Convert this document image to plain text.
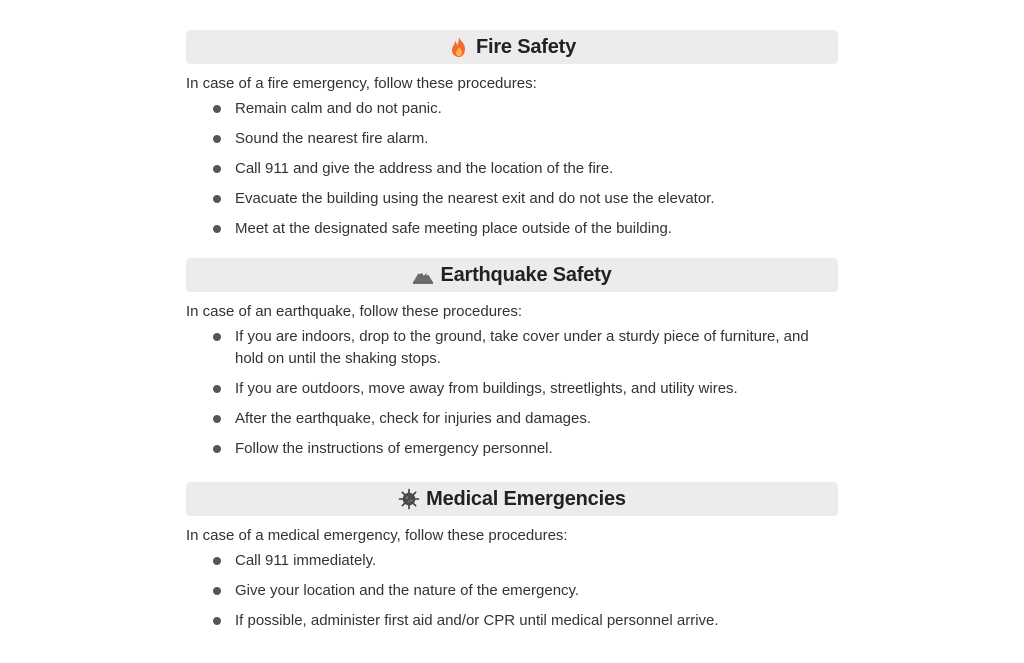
Fire Safety
In case of a fire emergency, follow these procedures:
Remain calm and do not panic.
Sound the nearest fire alarm.
Call 911 and give the address and the location of the fire.
Evacuate the building using the nearest exit and do not use the elevator.
Meet at the designated safe meeting place outside of the building.
Earthquake Safety
In case of an earthquake, follow these procedures:
If you are indoors, drop to the ground, take cover under a sturdy piece of furniture, and hold on until the shaking stops.
If you are outdoors, move away from buildings, streetlights, and utility wires.
After the earthquake, check for injuries and damages.
Follow the instructions of emergency personnel.
Medical Emergencies
In case of a medical emergency, follow these procedures:
Call 911 immediately.
Give your location and the nature of the emergency.
If possible, administer first aid and/or CPR until medical personnel arrive.
